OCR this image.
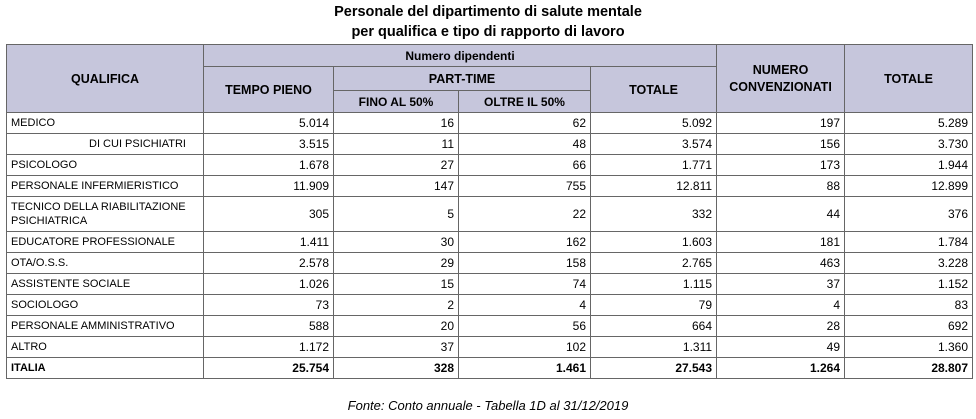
Personale del dipartimento di salute mentale
per qualifica e tipo di rapporto di lavoro
QUALIFICA	Numero dipendenti				NUMERO CONVENZIONATI	TOTALE
	TEMPO PIENO	PART-TIME		TOTALE		
		FINO AL 50%	OLTRE IL 50%			
MEDICO	5.014	16	62	5.092	197	5.289
DI CUI PSICHIATRI	3.515	11	48	3.574	156	3.730
PSICOLOGO	1.678	27	66	1.771	173	1.944
PERSONALE INFERMIERISTICO	11.909	147	755	12.811	88	12.899
TECNICO DELLA RIABILITAZIONE PSICHIATRICA	305	5	22	332	44	376
EDUCATORE PROFESSIONALE	1.411	30	162	1.603	181	1.784
OTA/O.S.S.	2.578	29	158	2.765	463	3.228
ASSISTENTE SOCIALE	1.026	15	74	1.115	37	1.152
SOCIOLOGO	73	2	4	79	4	83
PERSONALE AMMINISTRATIVO	588	20	56	664	28	692
ALTRO	1.172	37	102	1.311	49	1.360
ITALIA	25.754	328	1.461	27.543	1.264	28.807
Fonte: Conto annuale - Tabella 1D al 31/12/2019
